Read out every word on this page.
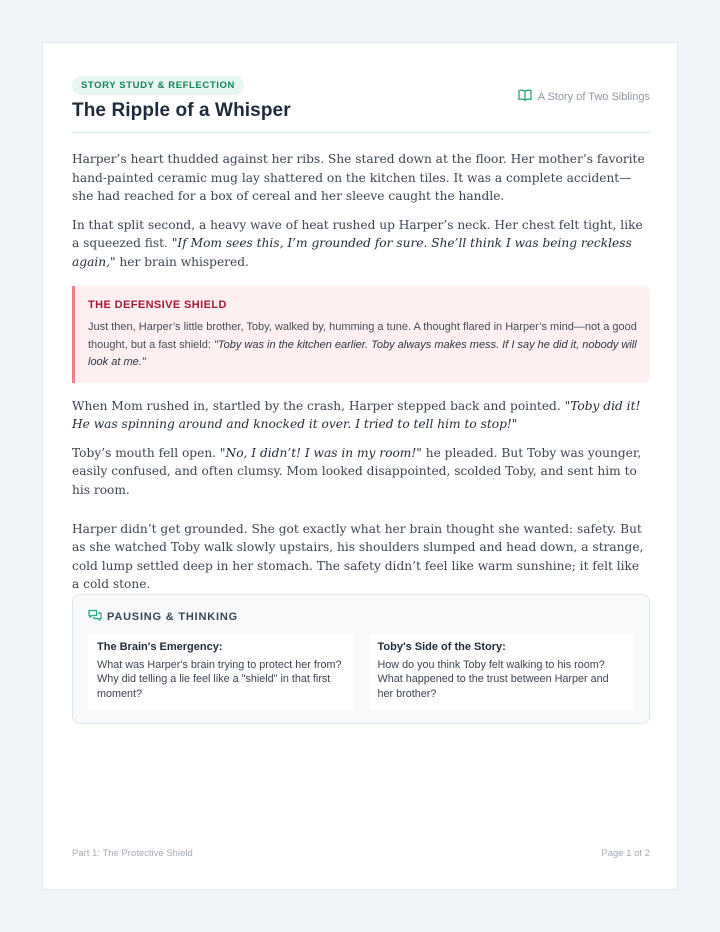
STORY STUDY & REFLECTION
The Ripple of a Whisper
A Story of Two Siblings

Harper’s heart thudded against her ribs. She stared down at the floor. Her mother’s favorite hand-painted ceramic mug lay shattered on the kitchen tiles. It was a complete accident—she had reached for a box of cereal and her sleeve caught the handle.

In that split second, a heavy wave of heat rushed up Harper’s neck. Her chest felt tight, like a squeezed fist. "If Mom sees this, I’m grounded for sure. She’ll think I was being reckless again," her brain whispered.

THE DEFENSIVE SHIELD
Just then, Harper’s little brother, Toby, walked by, humming a tune. A thought flared in Harper’s mind—not a good thought, but a fast shield: "Toby was in the kitchen earlier. Toby always makes mess. If I say he did it, nobody will look at me."

When Mom rushed in, startled by the crash, Harper stepped back and pointed. "Toby did it! He was spinning around and knocked it over. I tried to tell him to stop!"

Toby’s mouth fell open. "No, I didn’t! I was in my room!" he pleaded. But Toby was younger, easily confused, and often clumsy. Mom looked disappointed, scolded Toby, and sent him to his room.

Harper didn’t get grounded. She got exactly what her brain thought she wanted: safety. But as she watched Toby walk slowly upstairs, his shoulders slumped and head down, a strange, cold lump settled deep in her stomach. The safety didn’t feel like warm sunshine; it felt like a cold stone.

PAUSING & THINKING
The Brain's Emergency:
What was Harper's brain trying to protect her from? Why did telling a lie feel like a "shield" in that first moment?
Toby's Side of the Story:
How do you think Toby felt walking to his room? What happened to the trust between Harper and her brother?
Part 1: The Protective Shield	Page 1 of 2
